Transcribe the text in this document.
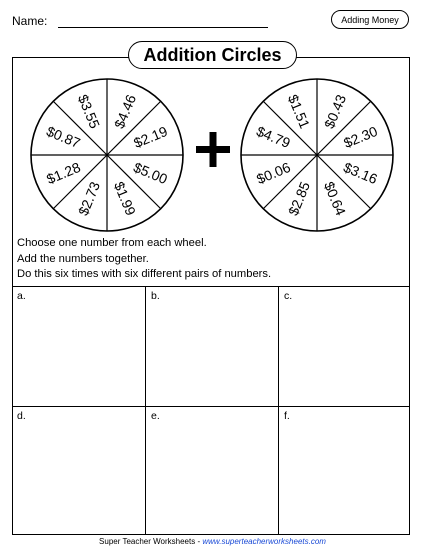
Name:	Adding Money
Addition Circles
$4.46
$2.19
$5.00
$1.99
$2.73
$1.28
$0.87
$3.55	$0.43
$2.30
$3.16
$0.64
$2.85
$0.06
$4.79
$1.51
Choose one number from each wheel.
Add the numbers together.
Do this six times with six different pairs of numbers.
a.	b.	c.
d.	e.	f.
Super Teacher Worksheets - www.superteacherworksheets.com
